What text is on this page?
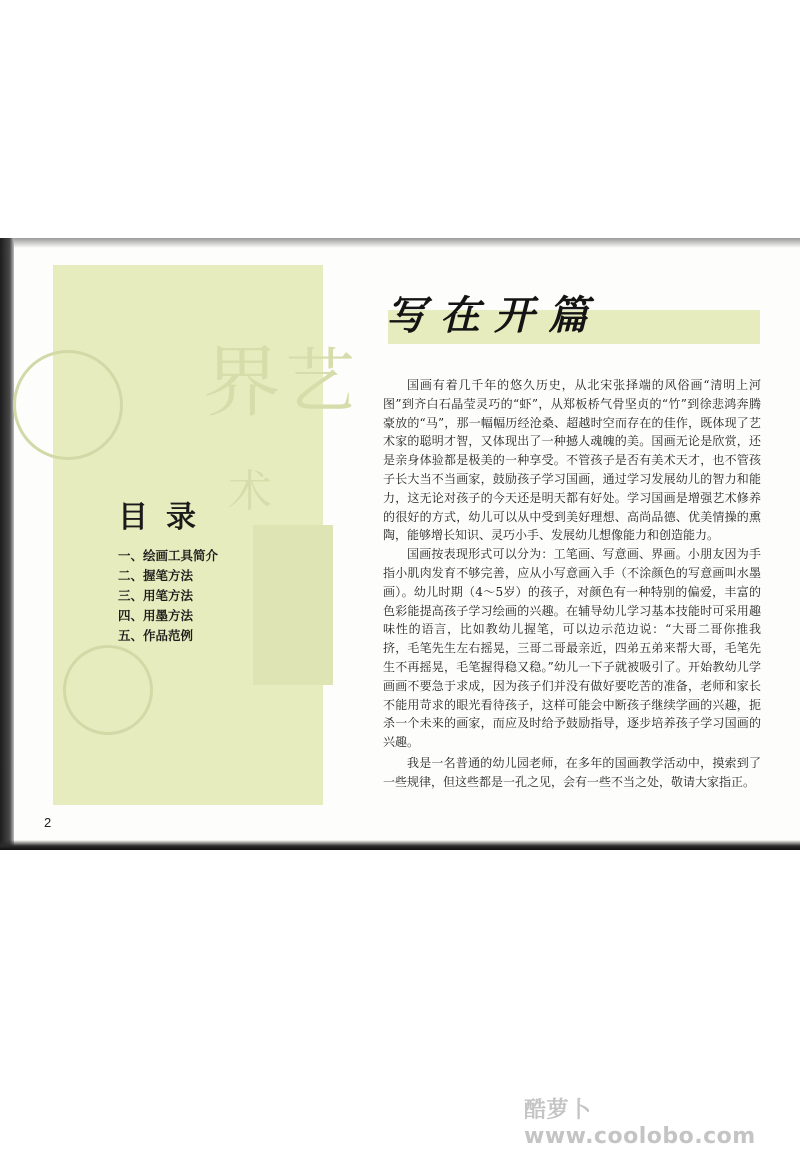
界 艺
术
目录
一、绘画工具简介
二、握笔方法
三、用笔方法
四、用墨方法
五、作品范例
2
写在开篇

国画有着几千年的悠久历史，从北宋张择端的风俗画“清明上河图”到齐白石晶莹灵巧的“虾”，从郑板桥气骨坚贞的“竹”到徐悲鸿奔腾豪放的“马”，那一幅幅历经沧桑、超越时空而存在的佳作，既体现了艺术家的聪明才智，又体现出了一种撼人魂魄的美。国画无论是欣赏，还是亲身体验都是极美的一种享受。不管孩子是否有美术天才，也不管孩子长大当不当画家，鼓励孩子学习国画，通过学习发展幼儿的智力和能力，这无论对孩子的今天还是明天都有好处。学习国画是增强艺术修养的很好的方式，幼儿可以从中受到美好理想、高尚品德、优美情操的熏陶，能够增长知识、灵巧小手、发展幼儿想像能力和创造能力。

国画按表现形式可以分为：工笔画、写意画、界画。小朋友因为手指小肌肉发育不够完善，应从小写意画入手（不涂颜色的写意画叫水墨画）。幼儿时期（4～5岁）的孩子，对颜色有一种特别的偏爱，丰富的色彩能提高孩子学习绘画的兴趣。在辅导幼儿学习基本技能时可采用趣味性的语言，比如教幼儿握笔，可以边示范边说：“大哥二哥你推我挤，毛笔先生左右摇晃，三哥二哥最亲近，四弟五弟来帮大哥，毛笔先生不再摇晃，毛笔握得稳又稳。”幼儿一下子就被吸引了。开始教幼儿学画画不要急于求成，因为孩子们并没有做好要吃苦的准备，老师和家长不能用苛求的眼光看待孩子，这样可能会中断孩子继续学画的兴趣，扼杀一个未来的画家，而应及时给予鼓励指导，逐步培养孩子学习国画的兴趣。

我是一名普通的幼儿园老师，在多年的国画教学活动中，摸索到了一些规律，但这些都是一孔之见，会有一些不当之处，敬请大家指正。

酷萝卜 www.coolobo.com
